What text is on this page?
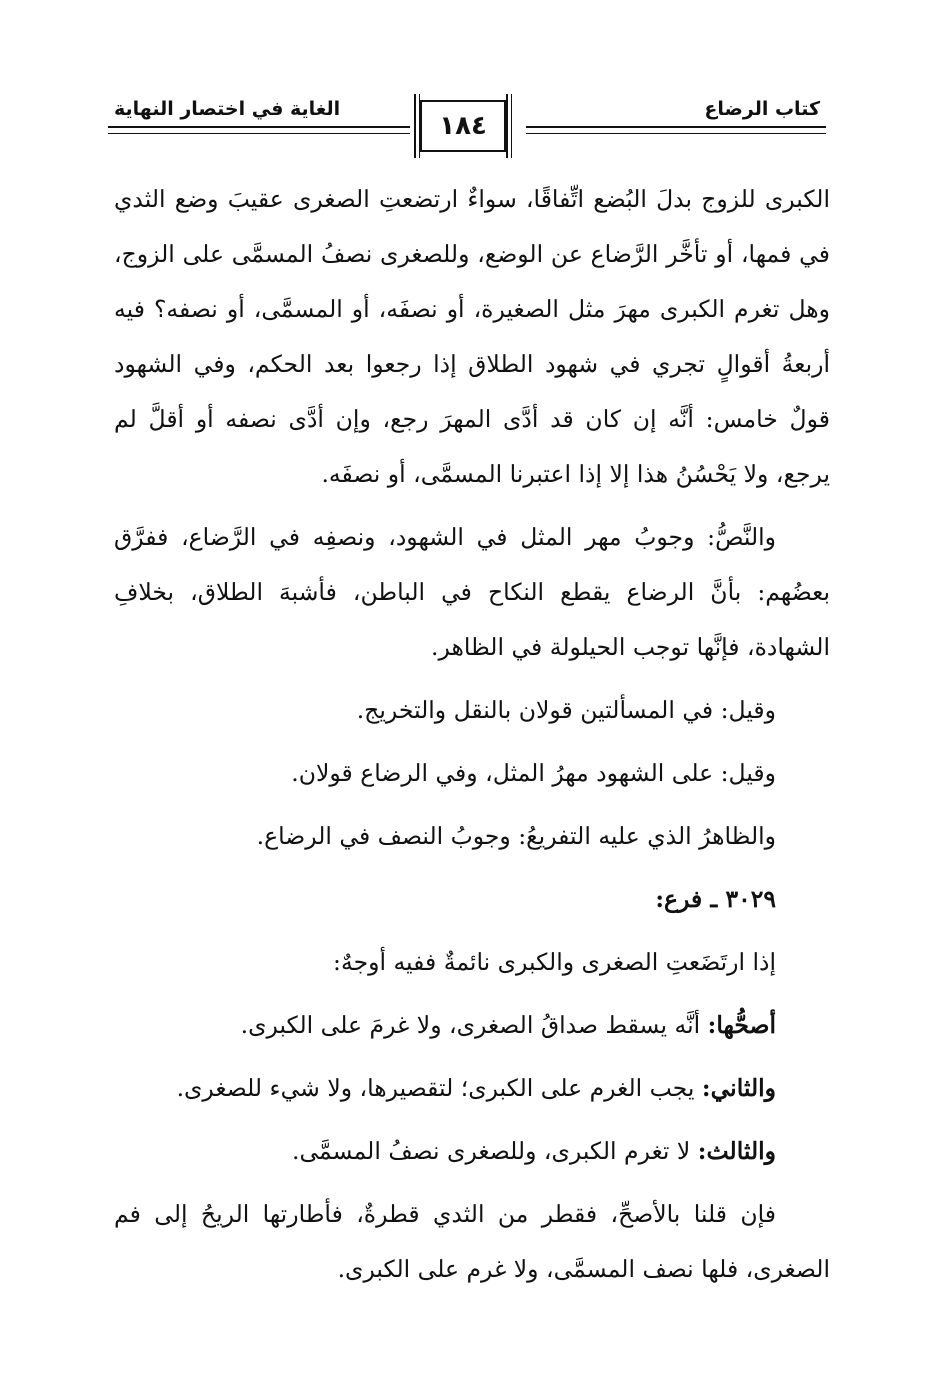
كتاب الرضاع
الغاية في اختصار النهاية
١٨٤

الكبرى للزوج بدلَ البُضع اتِّفاقًا، سواءٌ ارتضعتِ الصغرى عقيبَ وضع الثدي في فمها، أو تأخَّر الرَّضاع عن الوضع، وللصغرى نصفُ المسمَّى على الزوج، وهل تغرم الكبرى مهرَ مثل الصغيرة، أو نصفَه، أو المسمَّى، أو نصفه؟ فيه أربعةُ أقوالٍ تجري في شهود الطلاق إذا رجعوا بعد الحكم، وفي الشهود قولٌ خامس: أنَّه إن كان قد أدَّى المهرَ رجع، وإن أدَّى نصفه أو أقلَّ لم يرجع، ولا يَحْسُنُ هذا إلا إذا اعتبرنا المسمَّى، أو نصفَه.

والنَّصُّ: وجوبُ مهر المثل في الشهود، ونصفِه في الرَّضاع، ففرَّق بعضُهم: بأنَّ الرضاع يقطع النكاح في الباطن، فأشبهَ الطلاق، بخلافِ الشهادة، فإنَّها توجب الحيلولة في الظاهر.

وقيل: في المسألتين قولان بالنقل والتخريج.

وقيل: على الشهود مهرُ المثل، وفي الرضاع قولان.

والظاهرُ الذي عليه التفريعُ: وجوبُ النصف في الرضاع.

٣٠٢٩ ـ فرع:

إذا ارتَضَعتِ الصغرى والكبرى نائمةٌ ففيه أوجهٌ:

أصحُّها: أنَّه يسقط صداقُ الصغرى، ولا غرمَ على الكبرى.

والثاني: يجب الغرم على الكبرى؛ لتقصيرها، ولا شيء للصغرى.

والثالث: لا تغرم الكبرى، وللصغرى نصفُ المسمَّى.

فإن قلنا بالأصحِّ، فقطر من الثدي قطرةٌ، فأطارتها الريحُ إلى فم الصغرى، فلها نصف المسمَّى، ولا غرم على الكبرى.
